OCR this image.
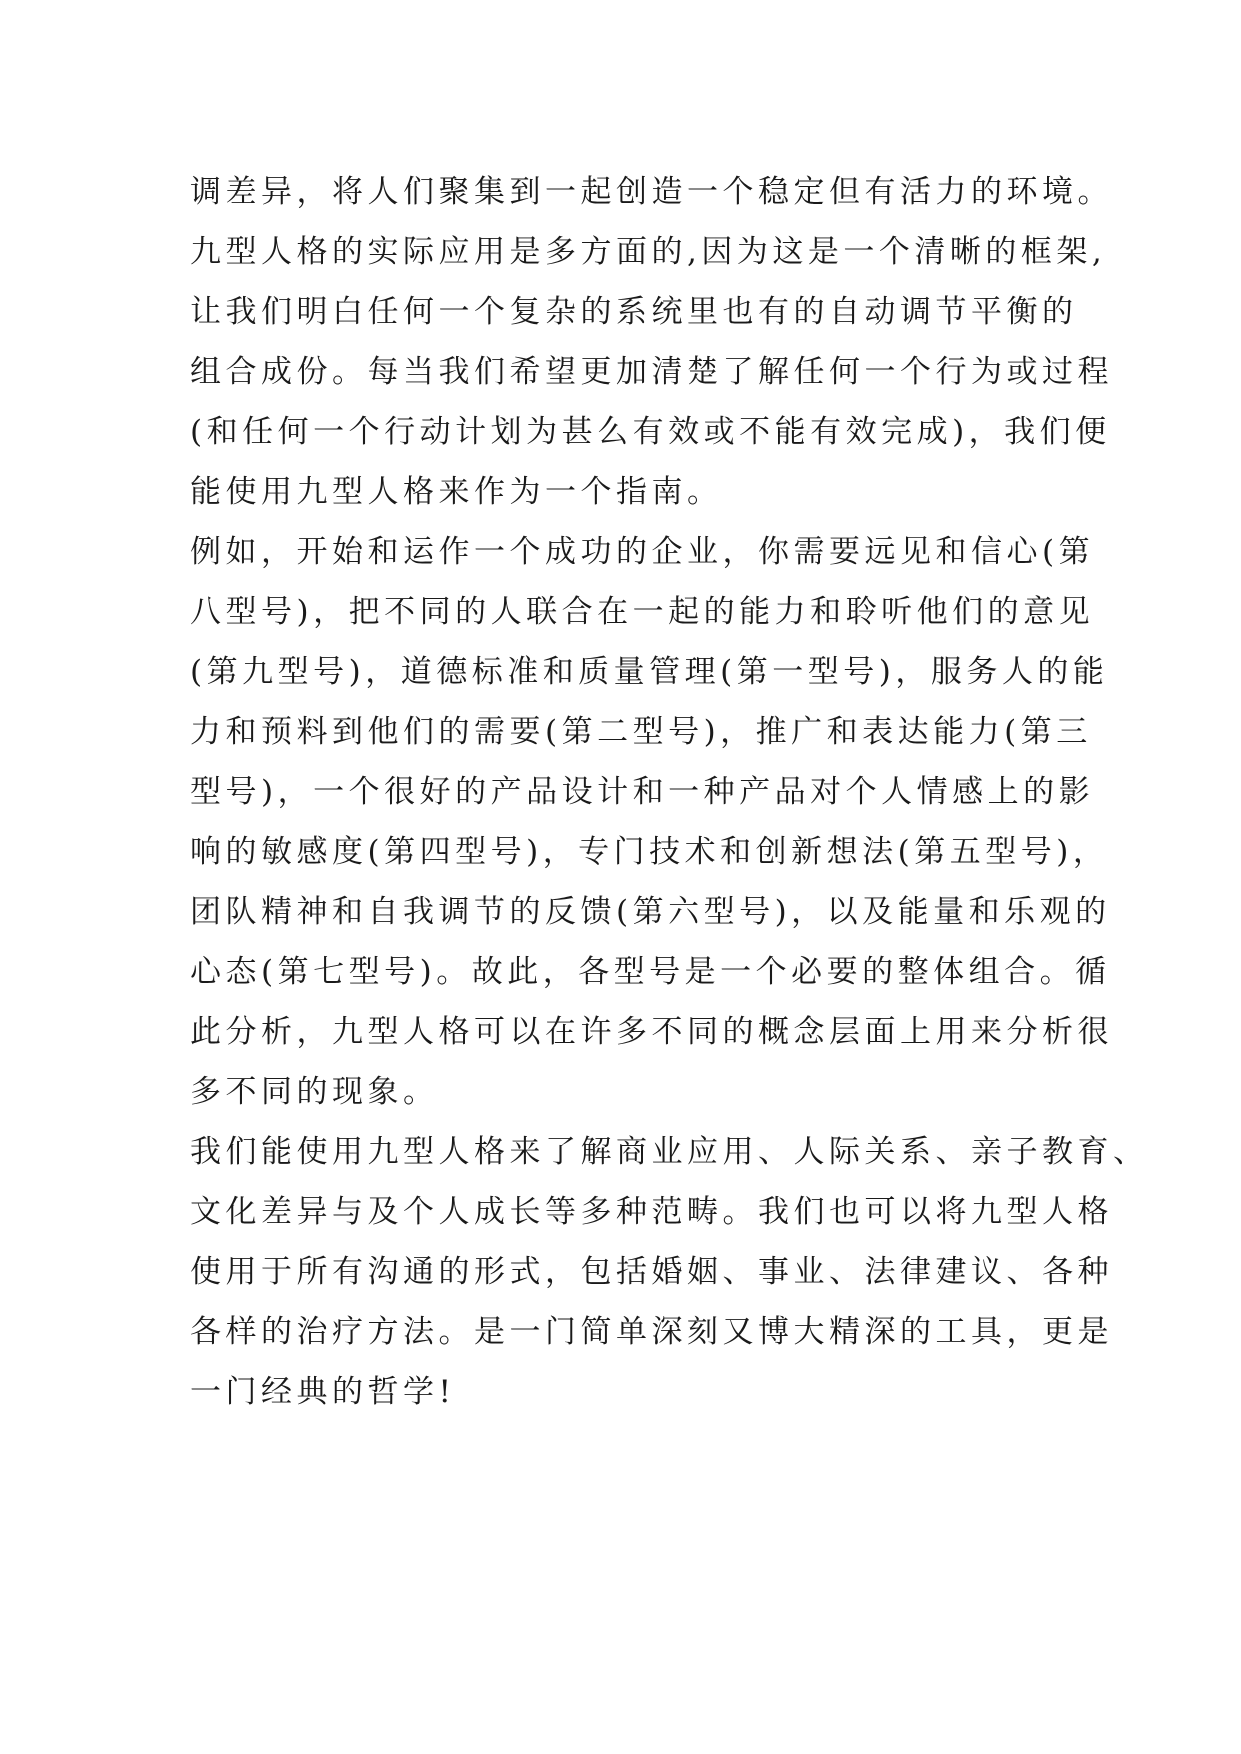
调差异，将人们聚集到一起创造一个稳定但有活力的环境。
九型人格的实际应用是多方面的,因为这是一个清晰的框架,
让我们明白任何一个复杂的系统里也有的自动调节平衡的
组合成份。每当我们希望更加清楚了解任何一个行为或过程
(和任何一个行动计划为甚么有效或不能有效完成)，我们便
能使用九型人格来作为一个指南。
例如，开始和运作一个成功的企业，你需要远见和信心(第
八型号)，把不同的人联合在一起的能力和聆听他们的意见
(第九型号)，道德标准和质量管理(第一型号)，服务人的能
力和预料到他们的需要(第二型号)，推广和表达能力(第三
型号)，一个很好的产品设计和一种产品对个人情感上的影
响的敏感度(第四型号)，专门技术和创新想法(第五型号)，
团队精神和自我调节的反馈(第六型号)，以及能量和乐观的
心态(第七型号)。故此，各型号是一个必要的整体组合。循
此分析，九型人格可以在许多不同的概念层面上用来分析很
多不同的现象。
我们能使用九型人格来了解商业应用、人际关系、亲子教育、
文化差异与及个人成长等多种范畴。我们也可以将九型人格
使用于所有沟通的形式，包括婚姻、事业、法律建议、各种
各样的治疗方法。是一门简单深刻又博大精深的工具，更是
一门经典的哲学!
